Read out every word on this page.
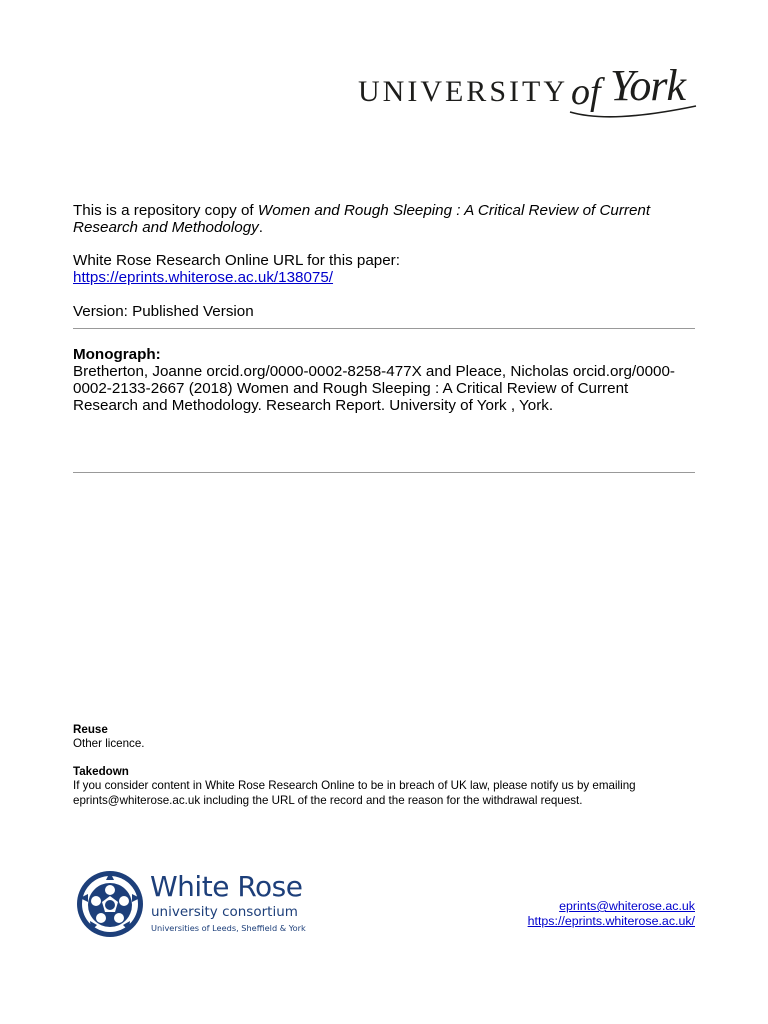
UNIVERSITY of York
This is a repository copy of Women and Rough Sleeping : A Critical Review of Current Research and Methodology.
White Rose Research Online URL for this paper:
https://eprints.whiterose.ac.uk/138075/
Version: Published Version
Monograph:
Bretherton, Joanne orcid.org/0000-0002-8258-477X and Pleace, Nicholas orcid.org/0000-0002-2133-2667 (2018) Women and Rough Sleeping : A Critical Review of Current Research and Methodology. Research Report. University of York , York.
Reuse
Other licence.
Takedown
If you consider content in White Rose Research Online to be in breach of UK law, please notify us by emailing eprints@whiterose.ac.uk including the URL of the record and the reason for the withdrawal request.
White Rose
university consortium
Universities of Leeds, Sheffield & York
eprints@whiterose.ac.uk
https://eprints.whiterose.ac.uk/
